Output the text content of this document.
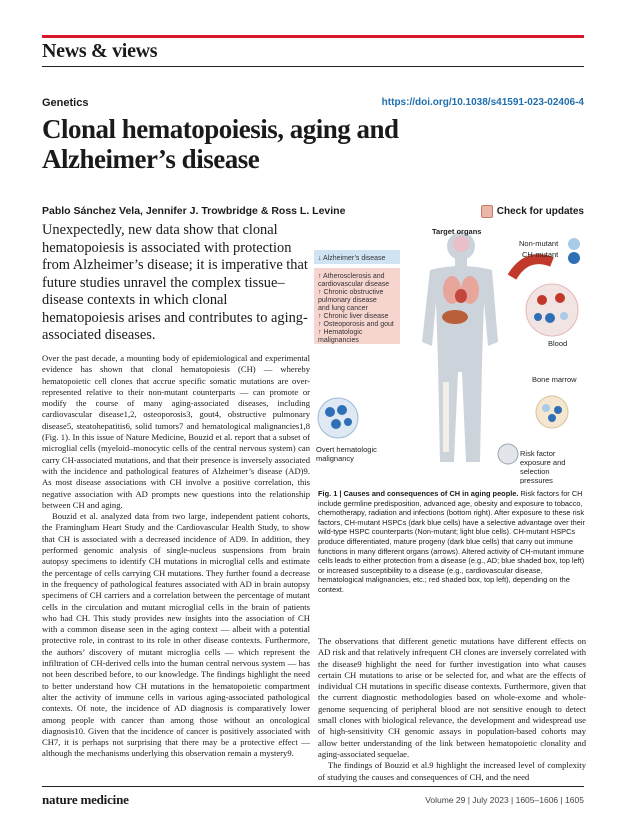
News & views
Genetics	https://doi.org/10.1038/s41591-023-02406-4
Clonal hematopoiesis, aging and Alzheimer’s disease
Pablo Sánchez Vela, Jennifer J. Trowbridge & Ross L. Levine	Check for updates
Unexpectedly, new data show that clonal hematopoiesis is associated with protection from Alzheimer’s disease; it is imperative that future studies unravel the complex tissue–disease contexts in which clonal hematopoiesis arises and contributes to aging-associated diseases.

Over the past decade, a mounting body of epidemiological and experimental evidence has shown that clonal hematopoiesis (CH) — whereby hematopoietic cell clones that accrue specific somatic mutations are over-represented relative to their non-mutant counterparts — can promote or modify the course of many aging-associated diseases, including cardiovascular disease1,2, osteoporosis3, gout4, obstructive pulmonary disease5, steatohepatitis6, solid tumors7 and hematological malignancies1,8 (Fig. 1). In this issue of Nature Medicine, Bouzid et al. report that a subset of microglial cells (myeloid–monocytic cells of the central nervous system) can carry CH-associated mutations, and that their presence is inversely associated with the incidence and pathological features of Alzheimer’s disease (AD)9. As most disease associations with CH involve a positive correlation, this negative association with AD prompts new questions into the relationship between CH and aging.

Bouzid et al. analyzed data from two large, independent patient cohorts, the Framingham Heart Study and the Cardiovascular Health Study, to show that CH is associated with a decreased incidence of AD9. In addition, they performed genomic analysis of single-nucleus suspensions from brain autopsy specimens to identify CH mutations in microglial cells and estimate the percentage of cells carrying CH mutations. They further found a decrease in the frequency of pathological features associated with AD in brain autopsy specimens of CH carriers and a correlation between the percentage of mutant cells in the circulation and mutant microglial cells in the brain of patients who had CH. This study provides new insights into the association of CH with a common disease seen in the aging context — albeit with a potential protective role, in contrast to its role in other disease contexts. Furthermore, the authors’ discovery of mutant microglia cells — which represent the infiltration of CH-derived cells into the human central nervous system — has not been described before, to our knowledge. The findings highlight the need to better understand how CH mutations in the hematopoietic compartment alter the activity of immune cells in various aging-associated pathological contexts. Of note, the incidence of AD diagnosis is comparatively lower among people with cancer than among those without an oncological diagnosis10. Given that the incidence of cancer is positively associated with CH7, it is perhaps not surprising that there may be a protective effect — although the mechanisms underlying this observation remain a mystery9.

↓ Alzheimer’s disease
↑ Atherosclerosis and
cardiovascular disease
↑ Chronic obstructive
pulmonary disease
and lung cancer
↑ Chronic liver disease
↑ Osteoporosis and gout
↑ Hematologic
malignancies
Non-mutant
CH-mutant
Blood
Bone marrow
Overt hematologic malignancy
Risk factor exposure and selection pressures
Target organs
Fig. 1 | Causes and consequences of CH in aging people. Risk factors for CH include germline predisposition, advanced age, obesity and exposure to tobacco, chemotherapy, radiation and infections (bottom right). After exposure to these risk factors, CH-mutant HSPCs (dark blue cells) have a selective advantage over their wild-type HSPC counterparts (Non-mutant; light blue cells). CH-mutant HSPCs produce differentiated, mature progeny (dark blue cells) that carry out immune functions in many different organs (arrows). Altered activity of CH-mutant immune cells leads to either protection from a disease (e.g., AD; blue shaded box, top left) or increased susceptibility to a disease (e.g., cardiovascular disease, hematological malignancies, etc.; red shaded box, top left), depending on the context.

The observations that different genetic mutations have different effects on AD risk and that relatively infrequent CH clones are inversely correlated with the disease9 highlight the need for further investigation into what causes certain CH mutations to arise or be selected for, and what are the effects of individual CH mutations in specific disease contexts. Furthermore, given that the current diagnostic methodologies based on whole-exome and whole-genome sequencing of peripheral blood are not sensitive enough to detect small clones with biological relevance, the development and widespread use of high-sensitivity CH genomic assays in population-based cohorts may allow better understanding of the link between hematopoietic clonality and aging-associated sequelae.

The findings of Bouzid et al.9 highlight the increased level of complexity of studying the causes and consequences of CH, and the need

nature medicine	Volume 29 | July 2023 | 1605–1606 | 1605
